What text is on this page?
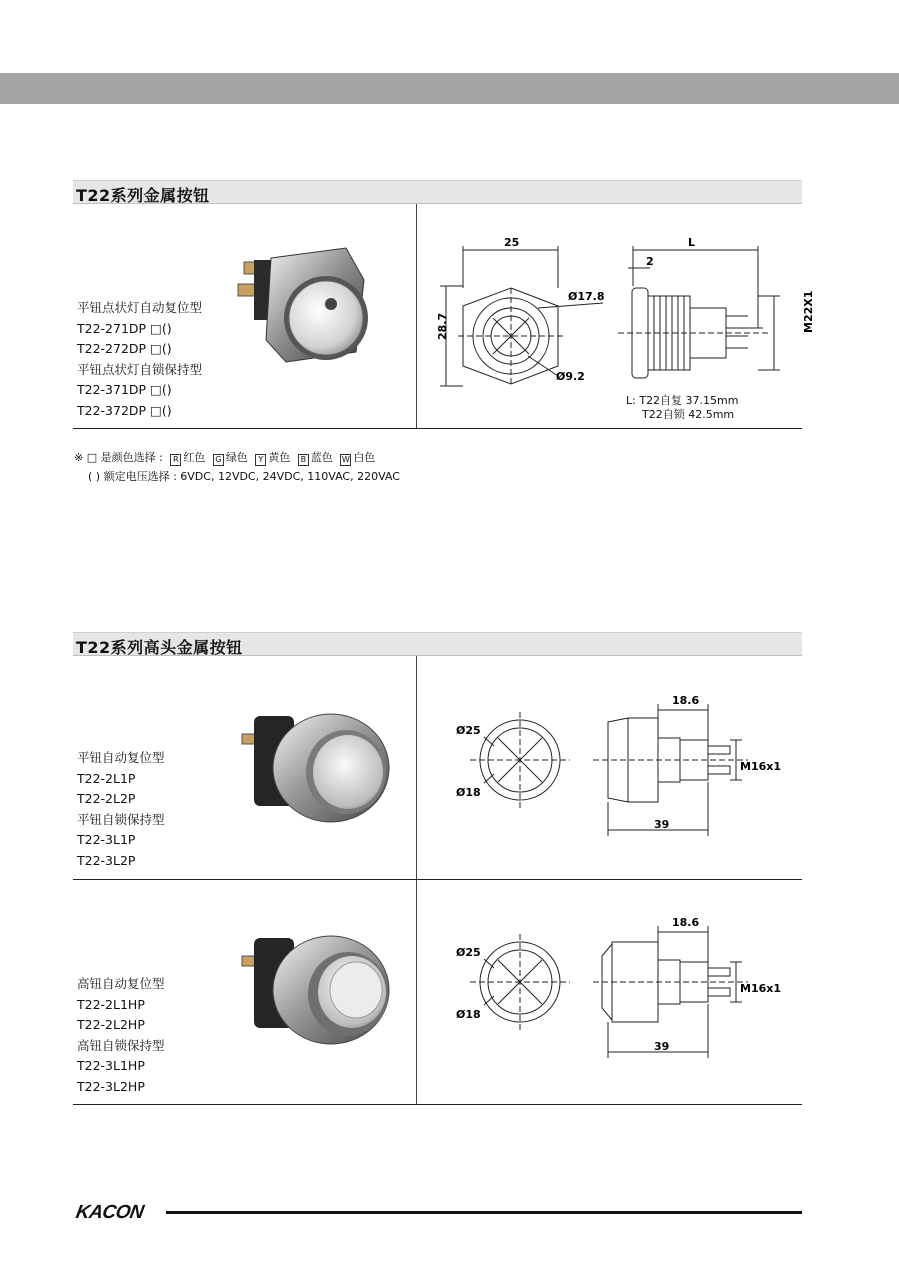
T22系列金属按钮
平钮点状灯自动复位型
T22-271DP □()
T22-272DP □()
平钮点状灯自锁保持型
T22-371DP □()
T22-372DP □()
25
28.7
Ø17.8
Ø9.2
L
2
M22X1
L: T22自复 37.15mm
T22自锁 42.5mm
※ □ 是颜色选择 : R 红色 G 绿色 Y 黄色 B 蓝色 W 白色
( ) 额定电压选择 : 6VDC, 12VDC, 24VDC, 110VAC, 220VAC
T22系列高头金属按钮
平钮自动复位型
T22-2L1P
T22-2L2P
平钮自锁保持型
T22-3L1P
T22-3L2P
Ø25
Ø18
18.6
39
M16x1
高钮自动复位型
T22-2L1HP
T22-2L2HP
高钮自锁保持型
T22-3L1HP
T22-3L2HP
Ø25
Ø18
18.6
39
M16x1
KACON
